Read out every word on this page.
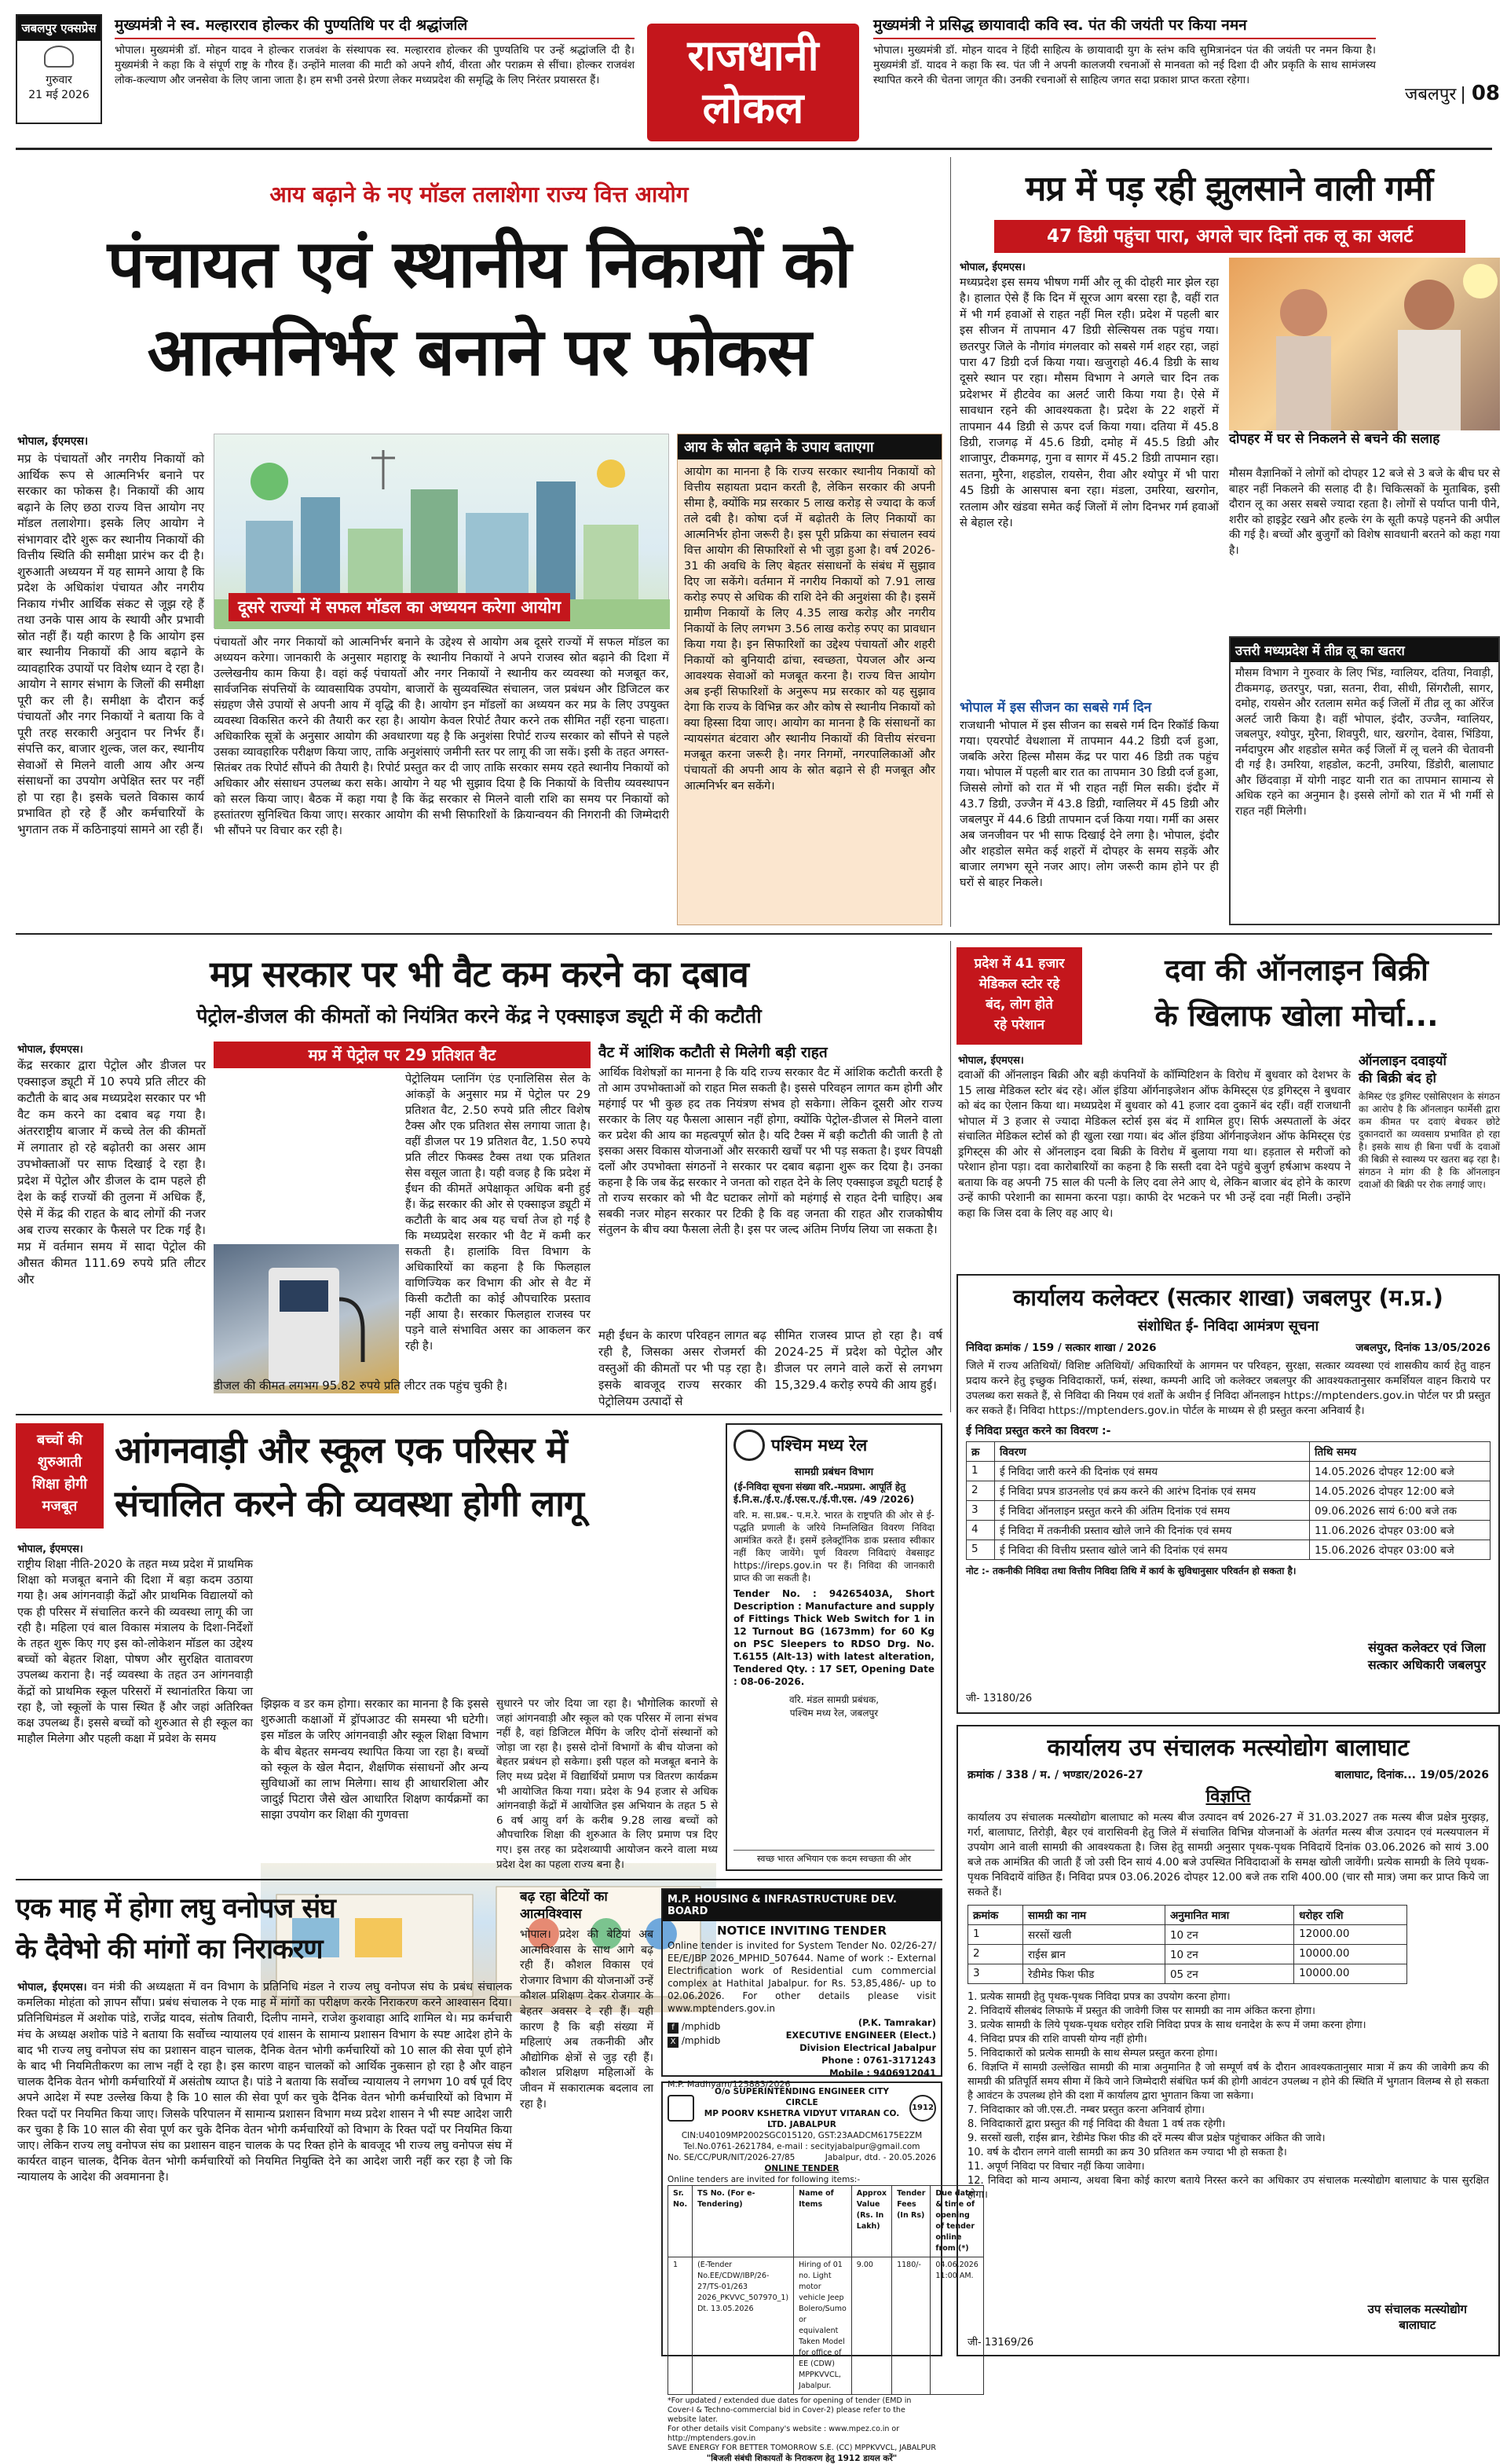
जबलपुर एक्सप्रेस
गुरुवार
21 मई 2026
मुख्यमंत्री ने स्व. मल्हारराव होल्कर की पुण्यतिथि पर दी श्रद्धांजलि
भोपाल। मुख्यमंत्री डॉ. मोहन यादव ने होल्कर राजवंश के संस्थापक स्व. मल्हारराव होल्कर की पुण्यतिथि पर उन्हें श्रद्धांजलि दी है। मुख्यमंत्री ने कहा कि वे संपूर्ण राष्ट्र के गौरव हैं। उन्होंने मालवा की माटी को अपने शौर्य, वीरता और पराक्रम से सींचा। होल्कर राजवंश लोक-कल्याण और जनसेवा के लिए जाना जाता है। हम सभी उनसे प्रेरणा लेकर मध्यप्रदेश की समृद्धि के लिए निरंतर प्रयासरत हैं।	राजधानी
लोकल
मुख्यमंत्री ने प्रसिद्ध छायावादी कवि स्व. पंत की जयंती पर किया नमन
भोपाल। मुख्यमंत्री डॉ. मोहन यादव ने हिंदी साहित्य के छायावादी युग के स्तंभ कवि सुमित्रानंदन पंत की जयंती पर नमन किया है। मुख्यमंत्री डॉ. यादव ने कहा कि स्व. पंत जी ने अपनी कालजयी रचनाओं से मानवता को नई दिशा दी और प्रकृति के साथ सामंजस्य स्थापित करने की चेतना जागृत की। उनकी रचनाओं से साहित्य जगत सदा प्रकाश प्राप्त करता रहेगा।
जबलपुर | 08
आय बढ़ाने के नए मॉडल तलाशेगा राज्य वित्त आयोग
पंचायत एवं स्थानीय निकायों को
आत्मनिर्भर बनाने पर फोकस
भोपाल, ईएमएस।
मप्र के पंचायतों और नगरीय निकायों को आर्थिक रूप से आत्मनिर्भर बनाने पर सरकार का फोकस है। निकायों की आय बढ़ाने के लिए छठा राज्य वित्त आयोग नए मॉडल तलाशेगा। इसके लिए आयोग ने संभागवार दौरे शुरू कर स्थानीय निकायों की वित्तीय स्थिति की समीक्षा प्रारंभ कर दी है। शुरुआती अध्ययन में यह सामने आया है कि प्रदेश के अधिकांश पंचायत और नगरीय निकाय गंभीर आर्थिक संकट से जूझ रहे हैं तथा उनके पास आय के स्थायी और प्रभावी स्रोत नहीं हैं। यही कारण है कि आयोग इस बार स्थानीय निकायों की आय बढ़ाने के व्यावहारिक उपायों पर विशेष ध्यान दे रहा है। आयोग ने सागर संभाग के जिलों की समीक्षा पूरी कर ली है। समीक्षा के दौरान कई पंचायतों और नगर निकायों ने बताया कि वे पूरी तरह सरकारी अनुदान पर निर्भर हैं। संपत्ति कर, बाजार शुल्क, जल कर, स्थानीय सेवाओं से मिलने वाली आय और अन्य संसाधनों का उपयोग अपेक्षित स्तर पर नहीं हो पा रहा है। इसके चलते विकास कार्य प्रभावित हो रहे हैं और कर्मचारियों के भुगतान तक में कठिनाइयां सामने आ रही हैं।
दूसरे राज्यों में सफल मॉडल का अध्ययन करेगा आयोग
पंचायतों और नगर निकायों को आत्मनिर्भर बनाने के उद्देश्य से आयोग अब दूसरे राज्यों में सफल मॉडल का अध्ययन करेगा। जानकारी के अनुसार महाराष्ट्र के स्थानीय निकायों ने अपने राजस्व स्रोत बढ़ाने की दिशा में उल्लेखनीय काम किया है। वहां कई पंचायतों और नगर निकायों ने स्थानीय कर व्यवस्था को मजबूत कर, सार्वजनिक संपत्तियों के व्यावसायिक उपयोग, बाजारों के सुव्यवस्थित संचालन, जल प्रबंधन और डिजिटल कर संग्रहण जैसे उपायों से अपनी आय में वृद्धि की है। आयोग इन मॉडलों का अध्ययन कर मप्र के लिए उपयुक्त व्यवस्था विकसित करने की तैयारी कर रहा है। आयोग केवल रिपोर्ट तैयार करने तक सीमित नहीं रहना चाहता। अधिकारिक सूत्रों के अनुसार आयोग की अवधारणा यह है कि अनुशंसा रिपोर्ट राज्य सरकार को सौंपने से पहले उसका व्यावहारिक परीक्षण किया जाए, ताकि अनुशंसाएं जमीनी स्तर पर लागू की जा सकें। इसी के तहत अगस्त-सितंबर तक रिपोर्ट सौंपने की तैयारी है। रिपोर्ट प्रस्तुत कर दी जाए ताकि सरकार समय रहते स्थानीय निकायों को अधिकार और संसाधन उपलब्ध करा सके। आयोग ने यह भी सुझाव दिया है कि निकायों के वित्तीय व्यवस्थापन को सरल किया जाए। बैठक में कहा गया है कि केंद्र सरकार से मिलने वाली राशि का समय पर निकायों को हस्तांतरण सुनिश्चित किया जाए। सरकार आयोग की सभी सिफारिशों के क्रियान्वयन की निगरानी की जिम्मेदारी भी सौंपने पर विचार कर रही है।
आय के स्रोत बढ़ाने के उपाय बताएगा
आयोग का मानना है कि राज्य सरकार स्थानीय निकायों को वित्तीय सहायता प्रदान करती है, लेकिन सरकार की अपनी सीमा है, क्योंकि मप्र सरकार 5 लाख करोड़ से ज्यादा के कर्ज तले दबी है। कोषा दर्ज में बढ़ोतरी के लिए निकायों का आत्मनिर्भर होना जरूरी है। इस पूरी प्रक्रिया का संचालन स्वयं वित्त आयोग की सिफारिशों से भी जुड़ा हुआ है। वर्ष 2026-31 की अवधि के लिए बेहतर संसाधनों के संबंध में सुझाव दिए जा सकेंगे। वर्तमान में नगरीय निकायों को 7.91 लाख करोड़ रुपए से अधिक की राशि देने की अनुशंसा की है। इसमें ग्रामीण निकायों के लिए 4.35 लाख करोड़ और नगरीय निकायों के लिए लगभग 3.56 लाख करोड़ रुपए का प्रावधान किया गया है। इन सिफारिशों का उद्देश्य पंचायतों और शहरी निकायों को बुनियादी ढांचा, स्वच्छता, पेयजल और अन्य आवश्यक सेवाओं को मजबूत करना है। राज्य वित्त आयोग अब इन्हीं सिफारिशों के अनुरूप मप्र सरकार को यह सुझाव देगा कि राज्य के विभिन्न कर और कोष से स्थानीय निकायों को क्या हिस्सा दिया जाए। आयोग का मानना है कि संसाधनों का न्यायसंगत बंटवारा और स्थानीय निकायों की वित्तीय संरचना मजबूत करना जरूरी है। नगर निगमों, नगरपालिकाओं और पंचायतों की अपनी आय के स्रोत बढ़ाने से ही मजबूत और आत्मनिर्भर बन सकेंगे।
मप्र में पड़ रही झुलसाने वाली गर्मी
47 डिग्री पहुंचा पारा, अगले चार दिनों तक लू का अलर्ट
भोपाल, ईएमएस।
मध्यप्रदेश इस समय भीषण गर्मी और लू की दोहरी मार झेल रहा है। हालात ऐसे हैं कि दिन में सूरज आग बरसा रहा है, वहीं रात में भी गर्म हवाओं से राहत नहीं मिल रही। प्रदेश में पहली बार इस सीजन में तापमान 47 डिग्री सेल्सियस तक पहुंच गया। छतरपुर जिले के नौगांव मंगलवार को सबसे गर्म शहर रहा, जहां पारा 47 डिग्री दर्ज किया गया। खजुराहो 46.4 डिग्री के साथ दूसरे स्थान पर रहा। मौसम विभाग ने अगले चार दिन तक प्रदेशभर में हीटवेव का अलर्ट जारी किया गया है। ऐसे में सावधान रहने की आवश्यकता है। प्रदेश के 22 शहरों में तापमान 44 डिग्री से ऊपर दर्ज किया गया। दतिया में 45.8 डिग्री, राजगढ़ में 45.6 डिग्री, दमोह में 45.5 डिग्री और शाजापुर, टीकमगढ़, गुना व सागर में 45.2 डिग्री तापमान रहा। सतना, मुरैना, शहडोल, रायसेन, रीवा और श्योपुर में भी पारा 45 डिग्री के आसपास बना रहा। मंडला, उमरिया, खरगोन, रतलाम और खंडवा समेत कई जिलों में लोग दिनभर गर्म हवाओं से बेहाल रहे।
भोपाल में इस सीजन का सबसे गर्म दिन
राजधानी भोपाल में इस सीजन का सबसे गर्म दिन रिकॉर्ड किया गया। एयरपोर्ट वेधशाला में तापमान 44.2 डिग्री दर्ज हुआ, जबकि अरेरा हिल्स मौसम केंद्र पर पारा 46 डिग्री तक पहुंच गया। भोपाल में पहली बार रात का तापमान 30 डिग्री दर्ज हुआ, जिससे लोगों को रात में भी राहत नहीं मिल सकी। इंदौर में 43.7 डिग्री, उज्जैन में 43.8 डिग्री, ग्वालियर में 45 डिग्री और जबलपुर में 44.6 डिग्री तापमान दर्ज किया गया। गर्मी का असर अब जनजीवन पर भी साफ दिखाई देने लगा है। भोपाल, इंदौर और शहडोल समेत कई शहरों में दोपहर के समय सड़कें और बाजार लगभग सूने नजर आए। लोग जरूरी काम होने पर ही घरों से बाहर निकले।
दोपहर में घर से निकलने से बचने की सलाह
मौसम वैज्ञानिकों ने लोगों को दोपहर 12 बजे से 3 बजे के बीच घर से बाहर नहीं निकलने की सलाह दी है। चिकित्सकों के मुताबिक, इसी दौरान लू का असर सबसे ज्यादा रहता है। लोगों से पर्याप्त पानी पीने, शरीर को हाइड्रेट रखने और हल्के रंग के सूती कपड़े पहनने की अपील की गई है। बच्चों और बुजुर्गों को विशेष सावधानी बरतने को कहा गया है।
उत्तरी मध्यप्रदेश में तीव्र लू का खतरा
मौसम विभाग ने गुरुवार के लिए भिंड, ग्वालियर, दतिया, निवाड़ी, टीकमगढ़, छतरपुर, पन्ना, सतना, रीवा, सीधी, सिंगरौली, सागर, दमोह, रायसेन और रतलाम समेत कई जिलों में तीव्र लू का ऑरेंज अलर्ट जारी किया है। वहीं भोपाल, इंदौर, उज्जैन, ग्वालियर, जबलपुर, श्योपुर, मुरैना, शिवपुरी, धार, खरगोन, देवास, भिंडिया, नर्मदापुरम और शहडोल समेत कई जिलों में लू चलने की चेतावनी दी गई है। उमरिया, शहडोल, कटनी, उमरिया, डिंडोरी, बालाघाट और छिंदवाड़ा में योगी नाइट यानी रात का तापमान सामान्य से अधिक रहने का अनुमान है। इससे लोगों को रात में भी गर्मी से राहत नहीं मिलेगी।
मप्र सरकार पर भी वैट कम करने का दबाव
पेट्रोल-डीजल की कीमतों को नियंत्रित करने केंद्र ने एक्साइज ड्यूटी में की कटौती
भोपाल, ईएमएस।
केंद्र सरकार द्वारा पेट्रोल और डीजल पर एक्साइज ड्यूटी में 10 रुपये प्रति लीटर की कटौती के बाद अब मध्यप्रदेश सरकार पर भी वैट कम करने का दबाव बढ़ गया है। अंतरराष्ट्रीय बाजार में कच्चे तेल की कीमतों में लगातार हो रहे बढ़ोतरी का असर आम उपभोक्ताओं पर साफ दिखाई दे रहा है। प्रदेश में पेट्रोल और डीजल के दाम पहले ही देश के कई राज्यों की तुलना में अधिक हैं, ऐसे में केंद्र की राहत के बाद लोगों की नजर अब राज्य सरकार के फैसले पर टिक गई है। मप्र में वर्तमान समय में सादा पेट्रोल की औसत कीमत 111.69 रुपये प्रति लीटर और
मप्र में पेट्रोल पर 29 प्रतिशत वैट
पेट्रोलियम प्लानिंग एंड एनालिसिस सेल के आंकड़ों के अनुसार मप्र में पेट्रोल पर 29 प्रतिशत वैट, 2.50 रुपये प्रति लीटर विशेष टैक्स और एक प्रतिशत सेस लगाया जाता है। वहीं डीजल पर 19 प्रतिशत वैट, 1.50 रुपये प्रति लीटर फिक्स्ड टैक्स तथा एक प्रतिशत सेस वसूल जाता है। यही वजह है कि प्रदेश में ईंधन की कीमतें अपेक्षाकृत अधिक बनी हुई हैं। केंद्र सरकार की ओर से एक्साइज ड्यूटी में कटौती के बाद अब यह चर्चा तेज हो गई है कि मध्यप्रदेश सरकार भी वैट में कमी कर सकती है। हालांकि वित्त विभाग के अधिकारियों का कहना है कि फिलहाल वाणिज्यिक कर विभाग की ओर से वैट में किसी कटौती का कोई औपचारिक प्रस्ताव नहीं आया है। सरकार फिलहाल राजस्व पर पड़ने वाले संभावित असर का आकलन कर रही है।
डीजल की कीमत लगभग 95.82 रुपये प्रति लीटर तक पहुंच चुकी है।
वैट में आंशिक कटौती से मिलेगी बड़ी राहत
आर्थिक विशेषज्ञों का मानना है कि यदि राज्य सरकार वैट में आंशिक कटौती करती है तो आम उपभोक्ताओं को राहत मिल सकती है। इससे परिवहन लागत कम होगी और महंगाई पर भी कुछ हद तक नियंत्रण संभव हो सकेगा। लेकिन दूसरी ओर राज्य सरकार के लिए यह फैसला आसान नहीं होगा, क्योंकि पेट्रोल-डीजल से मिलने वाला कर प्रदेश की आय का महत्वपूर्ण स्रोत है। यदि टैक्स में बड़ी कटौती की जाती है तो इसका असर विकास योजनाओं और सरकारी खर्चों पर भी पड़ सकता है। इधर विपक्षी दलों और उपभोक्ता संगठनों ने सरकार पर दबाव बढ़ाना शुरू कर दिया है। उनका कहना है कि जब केंद्र सरकार ने जनता को राहत देने के लिए एक्साइज ड्यूटी घटाई है तो राज्य सरकार को भी वैट घटाकर लोगों को महंगाई से राहत देनी चाहिए। अब सबकी नजर मोहन सरकार पर टिकी है कि वह जनता की राहत और राजकोषीय संतुलन के बीच क्या फैसला लेती है। इस पर जल्द अंतिम निर्णय लिया जा सकता है।
मही ईंधन के कारण परिवहन लागत बढ़ रही है, जिसका असर रोजमर्रा की वस्तुओं की कीमतों पर भी पड़ रहा है। इसके बावजूद राज्य सरकार की पेट्रोलियम उत्पादों से
सीमित राजस्व प्राप्त हो रहा है। वर्ष 2024-25 में प्रदेश को पेट्रोल और डीजल पर लगने वाले करों से लगभग 15,329.4 करोड़ रुपये की आय हुई।
प्रदेश में 41 हजार
मेडिकल स्टोर रहे
बंद, लोग होते
रहे परेशान
दवा की ऑनलाइन बिक्री
के खिलाफ खोला मोर्चा...
भोपाल, ईएमएस।
दवाओं की ऑनलाइन बिक्री और बड़ी कंपनियों के कॉम्पिटिशन के विरोध में बुधवार को देशभर के 15 लाख मेडिकल स्टोर बंद रहे। ऑल इंडिया ऑर्गनाइजेशन ऑफ केमिस्ट्स एंड ड्रगिस्ट्स ने बुधवार को बंद का ऐलान किया था। मध्यप्रदेश में बुधवार को 41 हजार दवा दुकानें बंद रहीं। वहीं राजधानी भोपाल में 3 हजार से ज्यादा मेडिकल स्टोर्स इस बंद में शामिल हुए। सिर्फ अस्पतालों के अंदर संचालित मेडिकल स्टोर्स को ही खुला रखा गया। बंद ऑल इंडिया ऑर्गनाइजेशन ऑफ केमिस्ट्स एंड ड्रगिस्ट्स की ओर से ऑनलाइन दवा बिक्री के विरोध में बुलाया गया था। हड़ताल से मरीजों को परेशान होना पड़ा। दवा कारोबारियों का कहना है कि सस्ती दवा देने पहुंचे बुजुर्ग हर्षआभ कश्यप ने बताया कि वह अपनी 75 साल की पत्नी के लिए दवा लेने आए थे, लेकिन बाजार बंद होने के कारण उन्हें काफी परेशानी का सामना करना पड़ा। काफी देर भटकने पर भी उन्हें दवा नहीं मिली। उन्होंने कहा कि जिस दवा के लिए वह आए थे।
ऑनलाइन दवाइयों
की बिक्री बंद हो
केमिस्ट एंड ड्रगिस्ट एसोसिएशन के संगठन का आरोप है कि ऑनलाइन फार्मेसी द्वारा कम कीमत पर दवाएं बेचकर छोटे दुकानदारों का व्यवसाय प्रभावित हो रहा है। इसके साथ ही बिना पर्ची के दवाओं की बिक्री से स्वास्थ्य पर खतरा बढ़ रहा है। संगठन ने मांग की है कि ऑनलाइन दवाओं की बिक्री पर रोक लगाई जाए।
कार्यालय कलेक्टर (सत्कार शाखा) जबलपुर (म.प्र.)
संशोधित ई- निविदा आमंत्रण सूचना
निविदा क्रमांक / 159 / सत्कार शाखा / 2026	जबलपुर, दिनांक 13/05/2026
जिले में राज्य अतिथियों/ विशिष्ट अतिथियों/ अधिकारियों के आगमन पर परिवहन, सुरक्षा, सत्कार व्यवस्था एवं शासकीय कार्य हेतु वाहन प्रदाय करने हेतु इच्छुक निविदाकारों, फर्म, संस्था, कम्पनी आदि जो कलेक्टर जबलपुर की आवश्यकतानुसार कमर्शियल वाहन किराये पर उपलब्ध करा सकते हैं, से निविदा की नियम एवं शर्तों के अधीन ई निविदा ऑनलाइन https://mptenders.gov.in पोर्टल पर प्री प्रस्तुत कर सकते हैं। निविदा https://mptenders.gov.in पोर्टल के माध्यम से ही प्रस्तुत करना अनिवार्य है।
ई निविदा प्रस्तुत करने का विवरण :-
क्र	विवरण	तिथि समय
1	ई निविदा जारी करने की दिनांक एवं समय	14.05.2026 दोपहर 12:00 बजे
2	ई निविदा प्रपत्र डाउनलोड एवं क्रय करने की आरंभ दिनांक एवं समय	14.05.2026 दोपहर 12:00 बजे
3	ई निविदा ऑनलाइन प्रस्तुत करने की अंतिम दिनांक एवं समय	09.06.2026 सायं 6:00 बजे तक
4	ई निविदा में तकनीकी प्रस्ताव खोले जाने की दिनांक एवं समय	11.06.2026 दोपहर 03:00 बजे
5	ई निविदा की वित्तीय प्रस्ताव खोले जाने की दिनांक एवं समय	15.06.2026 दोपहर 03:00 बजे
नोट :- तकनीकी निविदा तथा वित्तीय निविदा तिथि में कार्य के सुविधानुसार परिवर्तन हो सकता है।
संयुक्त कलेक्टर एवं जिला
सत्कार अधिकारी जबलपुर
जी- 13180/26
बच्चों की
शुरुआती
शिक्षा होगी
मजबूत
आंगनवाड़ी और स्कूल एक परिसर में
संचालित करने की व्यवस्था होगी लागू
भोपाल, ईएमएस।
राष्ट्रीय शिक्षा नीति-2020 के तहत मध्य प्रदेश में प्राथमिक शिक्षा को मजबूत बनाने की दिशा में बड़ा कदम उठाया गया है। अब आंगनवाड़ी केंद्रों और प्राथमिक विद्यालयों को एक ही परिसर में संचालित करने की व्यवस्था लागू की जा रही है। महिला एवं बाल विकास मंत्रालय के दिशा-निर्देशों के तहत शुरू किए गए इस को-लोकेशन मॉडल का उद्देश्य बच्चों को बेहतर शिक्षा, पोषण और सुरक्षित वातावरण उपलब्ध कराना है। नई व्यवस्था के तहत उन आंगनवाड़ी केंद्रों को प्राथमिक स्कूल परिसरों में स्थानांतरित किया जा रहा है, जो स्कूलों के पास स्थित हैं और जहां अतिरिक्त कक्ष उपलब्ध हैं। इससे बच्चों को शुरुआत से ही स्कूल का माहौल मिलेगा और पहली कक्षा में प्रवेश के समय
झिझक व डर कम होगा। सरकार का मानना है कि इससे शुरुआती कक्षाओं में ड्रॉपआउट की समस्या भी घटेगी। इस मॉडल के जरिए आंगनवाड़ी और स्कूल शिक्षा विभाग के बीच बेहतर समन्वय स्थापित किया जा रहा है। बच्चों को स्कूल के खेल मैदान, शैक्षणिक संसाधनों और अन्य सुविधाओं का लाभ मिलेगा। साथ ही आधारशिला और जादुई पिटारा जैसे खेल आधारित शिक्षण कार्यक्रमों का साझा उपयोग कर शिक्षा की गुणवत्ता
सुधारने पर जोर दिया जा रहा है। भौगोलिक कारणों से जहां आंगनवाड़ी और स्कूल को एक परिसर में लाना संभव नहीं है, वहां डिजिटल मैपिंग के जरिए दोनों संस्थानों को जोड़ा जा रहा है। इससे दोनों विभागों के बीच योजना को बेहतर प्रबंधन हो सकेगा। इसी पहल को मजबूत बनाने के लिए मध्य प्रदेश में विद्यार्थियों प्रमाण पत्र वितरण कार्यक्रम भी आयोजित किया गया। प्रदेश के 94 हजार से अधिक आंगनवाड़ी केंद्रों में आयोजित इस अभियान के तहत 5 से 6 वर्ष आयु वर्ग के करीब 9.28 लाख बच्चों को औपचारिक शिक्षा की शुरुआत के लिए प्रमाण पत्र दिए गए। इस तरह का प्रदेशव्यापी आयोजन करने वाला मध्य प्रदेश देश का पहला राज्य बना है।
पश्चिम मध्य रेल
सामग्री प्रबंधन विभाग
(ई-निविदा सूचना संख्या वरि.-मप्रप्रमा. आपूर्ति हेतु ई.नि.स./ई.ए./ई.एस.ए./ई.पी.एस. /49 /2026)
वरि. म. सा.प्रब.- प.म.रे. भारत के राष्ट्रपति की ओर से ई- पद्धति प्रणाली के जरिये निम्नलिखित विवरण निविदा आमंत्रित करते हैं। इसमें इलेक्ट्रॉनिक डाक प्रस्ताव स्वीकार नहीं किए जायेंगे। पूर्ण विवरण निविदाएं वेबसाइट https://ireps.gov.in पर हैं। निविदा की जानकारी प्राप्त की जा सकती है।
Tender No. : 94265403A, Short Description : Manufacture and supply of Fittings Thick Web Switch for 1 in 12 Turnout BG (1673mm) for 60 Kg on PSC Sleepers to RDSO Drg. No. T.6155 (Alt-13) with latest alteration, Tendered Qty. : 17 SET, Opening Date : 08-06-2026.
वरि. मंडल सामग्री प्रबंधक,
पश्चिम मध्य रेल, जबलपुर
स्वच्छ भारत अभियान एक कदम स्वच्छता की ओर
एक माह में होगा लघु वनोपज संघ
के दैवेभो की मांगों का निराकरण
भोपाल, ईएमएस। वन मंत्री की अध्यक्षता में वन विभाग के प्रतिनिधि मंडल ने राज्य लघु वनोपज संघ के प्रबंध संचालक कमलिका मोहंता को ज्ञापन सौंपा। प्रबंध संचालक ने एक माह में मांगों का परीक्षण करके निराकरण करने आश्वासन दिया। प्रतिनिधिमंडल में अशोक पांडे, राजेंद्र यादव, संतोष तिवारी, दिलीप नामने, राजेश कुशवाहा आदि शामिल थे। मप्र कर्मचारी मंच के अध्यक्ष अशोक पांडे ने बताया कि सर्वोच्च न्यायालय एवं शासन के सामान्य प्रशासन विभाग के स्पष्ट आदेश होने के बाद भी राज्य लघु वनोपज संघ का प्रशासन वाहन चालक, दैनिक वेतन भोगी कर्मचारियों को 10 साल की सेवा पूर्ण होने के बाद भी नियमितीकरण का लाभ नहीं दे रहा है। इस कारण वाहन चालकों को आर्थिक नुकसान हो रहा है और वाहन चालक दैनिक वेतन भोगी कर्मचारियों में असंतोष व्याप्त है। पांडे ने बताया कि सर्वोच्च न्यायालय ने लगभग 10 वर्ष पूर्व दिए अपने आदेश में स्पष्ट उल्लेख किया है कि 10 साल की सेवा पूर्ण कर चुके दैनिक वेतन भोगी कर्मचारियों को विभाग में रिक्त पदों पर नियमित किया जाए। जिसके परिपालन में सामान्य प्रशासन विभाग मध्य प्रदेश शासन ने भी स्पष्ट आदेश जारी कर चुका है कि 10 साल की सेवा पूर्ण कर चुके दैनिक वेतन भोगी कर्मचारियों को विभाग के रिक्त पदों पर नियमित किया जाए। लेकिन राज्य लघु वनोपज संघ का प्रशासन वाहन चालक के पद रिक्त होने के बावजूद भी राज्य लघु वनोपज संघ में कार्यरत वाहन चालक, दैनिक वेतन भोगी कर्मचारियों को नियमित नियुक्ति देने का आदेश जारी नहीं कर रहा है जो कि न्यायालय के आदेश की अवमानना है।
बढ़ रहा बेटियों का
आत्मविश्वास
भोपाल। प्रदेश की बेटियां अब आत्मविश्वास के साथ आगे बढ़ रही हैं। कौशल विकास एवं रोजगार विभाग की योजनाओं उन्हें कौशल प्रशिक्षण देकर रोजगार के बेहतर अवसर दे रही हैं। यही कारण है कि बड़ी संख्या में महिलाएं अब तकनीकी और औद्योगिक क्षेत्रों से जुड़ रही हैं। कौशल प्रशिक्षण महिलाओं के जीवन में सकारात्मक बदलाव ला रहा है।
M.P. HOUSING & INFRASTRUCTURE DEV. BOARD
NOTICE INVITING TENDER
Online tender is invited for System Tender No. 02/26-27/ EE/E/JBP 2026_MPHID_507644. Name of work :- External Electrification work of Residential cum commercial complex at Hathital Jabalpur. for Rs. 53,85,486/- up to 02.06.2026. For other details please visit www.mptenders.gov.in
f /mphidb
X /mphidb
(P.K. Tamrakar)
EXECUTIVE ENGINEER (Elect.)
Division Electrical Jabalpur
Phone : 0761-3171243
Mobile : 9406912041
M.P. Madhyam/125883/2026
O/o SUPERINTENDING ENGINEER CITY CIRCLE
MP POORV KSHETRA VIDYUT VITARAN CO. LTD. JABALPUR
1912
CIN:U40109MP2002SGC015120, GST:23AADCM6175E2ZM
Tel.No.0761-2621784, e-mail : secityjabalpur@gmail.com
No. SE/CC/PUR/NIT/2026-27/85	Jabalpur, dtd. - 20.05.2026
ONLINE TENDER
Online tenders are invited for following items:-
Sr. No.	TS No. (For e-Tendering)	Name of Items	Approx Value (Rs. In Lakh)	Tender Fees (In Rs)	Due date & time of opening of tender online from (*)
1	(E-Tender No.EE/CDW/IBP/26-27/TS-01/263 2026_PKVVC_507970_1) Dt. 13.05.2026	Hiring of 01 no. Light motor vehicle Jeep Bolero/Sumo or equivalent Taken Model for office of EE (CDW) MPPKVVCL, Jabalpur.	9.00	1180/-	04.06.2026 11:00 AM.
*For updated / extended due dates for opening of tender (EMD in Cover-I & Techno-commercial bid in Cover-2) please refer to the website later.
For other details visit Company's website : www.mpez.co.in or http://mptenders.gov.in
SAVE ENERGY FOR BETTER TOMORROW S.E. (CC) MPPKVVCL, JABALPUR
"बिजली संबंधी शिकायतों के निराकरण हेतु 1912 डायल करें"
कार्यालय उप संचालक मत्स्योद्योग बालाघाट
क्रमांक / 338 / म. / भण्डार/2026-27	बालाघाट, दिनांक... 19/05/2026
विज्ञप्ति
कार्यालय उप संचालक मत्स्योद्योग बालाघाट को मत्स्य बीज उत्पादन वर्ष 2026-27 में 31.03.2027 तक मत्स्य बीज प्रक्षेत्र मुरझड़, गर्रा, बालाघाट, तिरोड़ी, बैहर एवं वारासिवनी हेतु जिले में संचालित विभिन्न योजनाओं के अंतर्गत मत्स्य बीज उत्पादन एवं मत्स्यपालन में उपयोग आने वाली सामग्री की आवश्यकता है। जिस हेतु सामग्री अनुसार पृथक-पृथक निविदायें दिनांक 03.06.2026 को सायं 3.00 बजे तक आमंत्रित की जाती हैं जो उसी दिन सायं 4.00 बजे उपस्थित निविदादाओं के समक्ष खोली जावेंगी। प्रत्येक सामग्री के लिये पृथक-पृथक निविदायें वांछित हैं। निविदा प्रपत्र 03.06.2026 दोपहर 12.00 बजे तक राशि 400.00 (चार सौ मात्र) जमा कर प्राप्त किये जा सकते हैं।
क्रमांक	सामग्री का नाम	अनुमानित मात्रा	धरोहर राशि
1	सरसों खली	10 टन	12000.00
2	राईस ब्रान	10 टन	10000.00
3	रेडीमेड फिश फीड	05 टन	10000.00
1. प्रत्येक सामग्री हेतु पृथक-पृथक निविदा प्रपत्र का उपयोग करना होगा।
2. निविदायें सीलबंद लिफाफे में प्रस्तुत की जावेगी जिस पर सामग्री का नाम अंकित करना होगा।
3. प्रत्येक सामग्री के लिये पृथक-पृथक धरोहर राशि निविदा प्रपत्र के साथ धनादेश के रूप में जमा करना होगा।
4. निविदा प्रपत्र की राशि वापसी योग्य नहीं होगी।
5. निविदाकारों को प्रत्येक सामग्री के साथ सेम्पल प्रस्तुत करना होगा।
6. विज्ञप्ति में सामग्री उल्लेखित सामग्री की मात्रा अनुमानित है जो सम्पूर्ण वर्ष के दौरान आवश्यकतानुसार मात्रा में क्रय की जावेगी क्रय की सामग्री की प्रतिपूर्ति समय सीमा में किये जाने जिम्मेदारी संबंधित फर्म की होगी आवंटन उपलब्ध न होने की स्थिति में भुगतान विलम्ब से हो सकता है आवंटन के उपलब्ध होने की दशा में कार्यालय द्वारा भुगतान किया जा सकेगा।
7. निविदाकार को जी.एस.टी. नम्बर प्रस्तुत करना अनिवार्य होगा।
8. निविदाकारों द्वारा प्रस्तुत की गई निविदा की वैधता 1 वर्ष तक रहेगी।
9. सरसों खली, राईस ब्रान, रेडीमेड फिश फीड की दरें मत्स्य बीज प्रक्षेत्र पहुंचाकर अंकित की जावे।
10. वर्ष के दौरान लगने वाली सामग्री का क्रय 30 प्रतिशत कम ज्यादा भी हो सकता है।
11. अपूर्ण निविदा पर विचार नहीं किया जावेगा।
12. निविदा को मान्य अमान्य, अथवा बिना कोई कारण बताये निरस्त करने का अधिकार उप संचालक मत्स्योद्योग बालाघाट के पास सुरक्षित होगा।
उप संचालक मत्स्योद्योग
बालाघाट
जी- 13169/26
